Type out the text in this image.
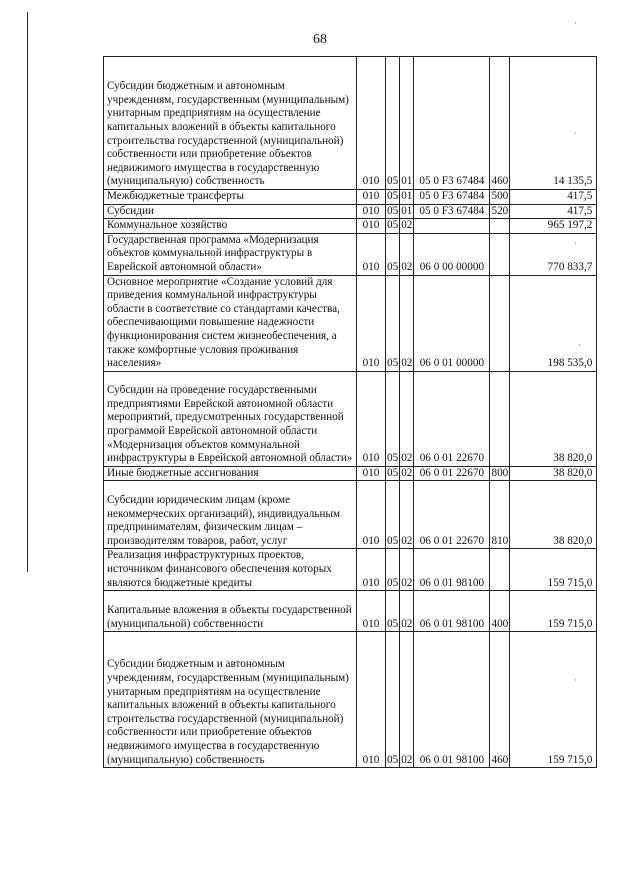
68
Субсидии бюджетным и автономным учреждениям, государственным (муниципальным) унитарным предприятиям на осуществление капитальных вложений в объекты капитального строительства государственной (муниципальной) собственности или приобретение объектов недвижимого имущества в государственную (муниципальную) собственность	010	05	01	05 0 F3 67484	460	14 135,5
Межбюджетные трансферты	010	05	01	05 0 F3 67484	500	417,5
Субсидии	010	05	01	05 0 F3 67484	520	417,5
Коммунальное хозяйство	010	05	02			965 197,2
Государственная программа «Модернизация объектов коммунальной инфраструктуры в Еврейской автономной области»	010	05	02	06 0 00 00000		770 833,7
Основное мероприятие «Создание условий для приведения коммунальной инфраструктуры области в соответствие со стандартами качества, обеспечивающими повышение надежности функционирования систем жизнеобеспечения, а также комфортные условия проживания населения»	010	05	02	06 0 01 00000		198 535,0
Субсидии на проведение государственными предприятиями Еврейской автономной области мероприятий, предусмотренных государственной программой Еврейской автономной области «Модернизация объектов коммунальной инфраструктуры в Еврейской автономной области»	010	05	02	06 0 01 22670		38 820,0
Иные бюджетные ассигнования	010	05	02	06 0 01 22670	800	38 820,0
Субсидии юридическим лицам (кроме некоммерческих организаций), индивидуальным предпринимателям, физическим лицам – производителям товаров, работ, услуг	010	05	02	06 0 01 22670	810	38 820,0
Реализация инфраструктурных проектов, источником финансового обеспечения которых являются бюджетные кредиты	010	05	02	06 0 01 98100		159 715,0
Капитальные вложения в объекты государственной (муниципальной) собственности	010	05	02	06 0 01 98100	400	159 715,0
Субсидии бюджетным и автономным учреждениям, государственным (муниципальным) унитарным предприятиям на осуществление капитальных вложений в объекты капитального строительства государственной (муниципальной) собственности или приобретение объектов недвижимого имущества в государственную (муниципальную) собственность	010	05	02	06 0 01 98100	460	159 715,0
·
·
·
·
·
